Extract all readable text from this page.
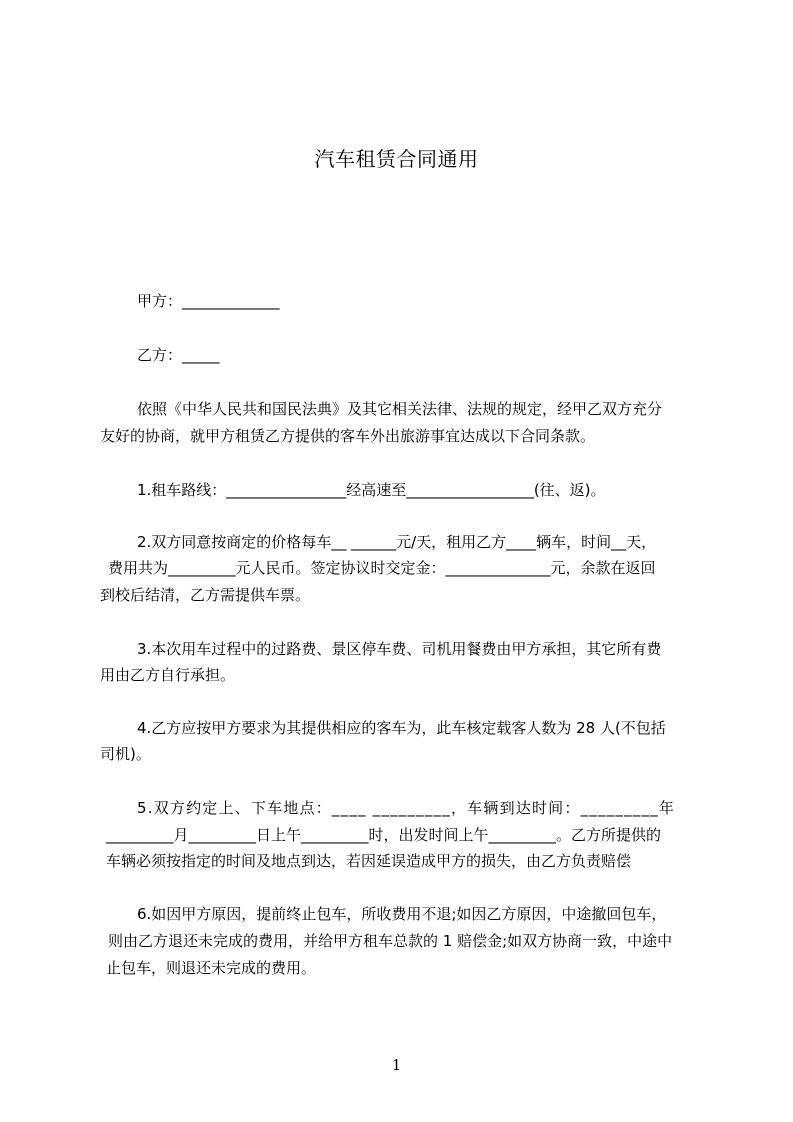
汽车租赁合同通用
甲方：_____________
乙方：_____
依照《中华人民共和国民法典》及其它相关法律、法规的规定，经甲乙双方充分
友好的协商，就甲方租赁乙方提供的客车外出旅游事宜达成以下合同条款。
1.租车路线：________________经高速至_________________(往、返)。
2.双方同意按商定的价格每车__ ______元/天，租用乙方____辆车，时间__天，
费用共为_________元人民币。签定协议时交定金：______________元，余款在返回
到校后结清，乙方需提供车票。
3.本次用车过程中的过路费、景区停车费、司机用餐费由甲方承担，其它所有费
用由乙方自行承担。
4.乙方应按甲方要求为其提供相应的客车为，此车核定载客人数为 28 人(不包括
司机)。
5.双方约定上、下车地点：____ _________，车辆到达时间：_________年
_________月_________日上午_________时，出发时间上午_________。乙方所提供的
车辆必须按指定的时间及地点到达，若因延误造成甲方的损失，由乙方负责赔偿
6.如因甲方原因，提前终止包车，所收费用不退;如因乙方原因，中途撤回包车，
则由乙方退还未完成的费用，并给甲方租车总款的 1 赔偿金;如双方协商一致，中途中
止包车，则退还未完成的费用。
1
